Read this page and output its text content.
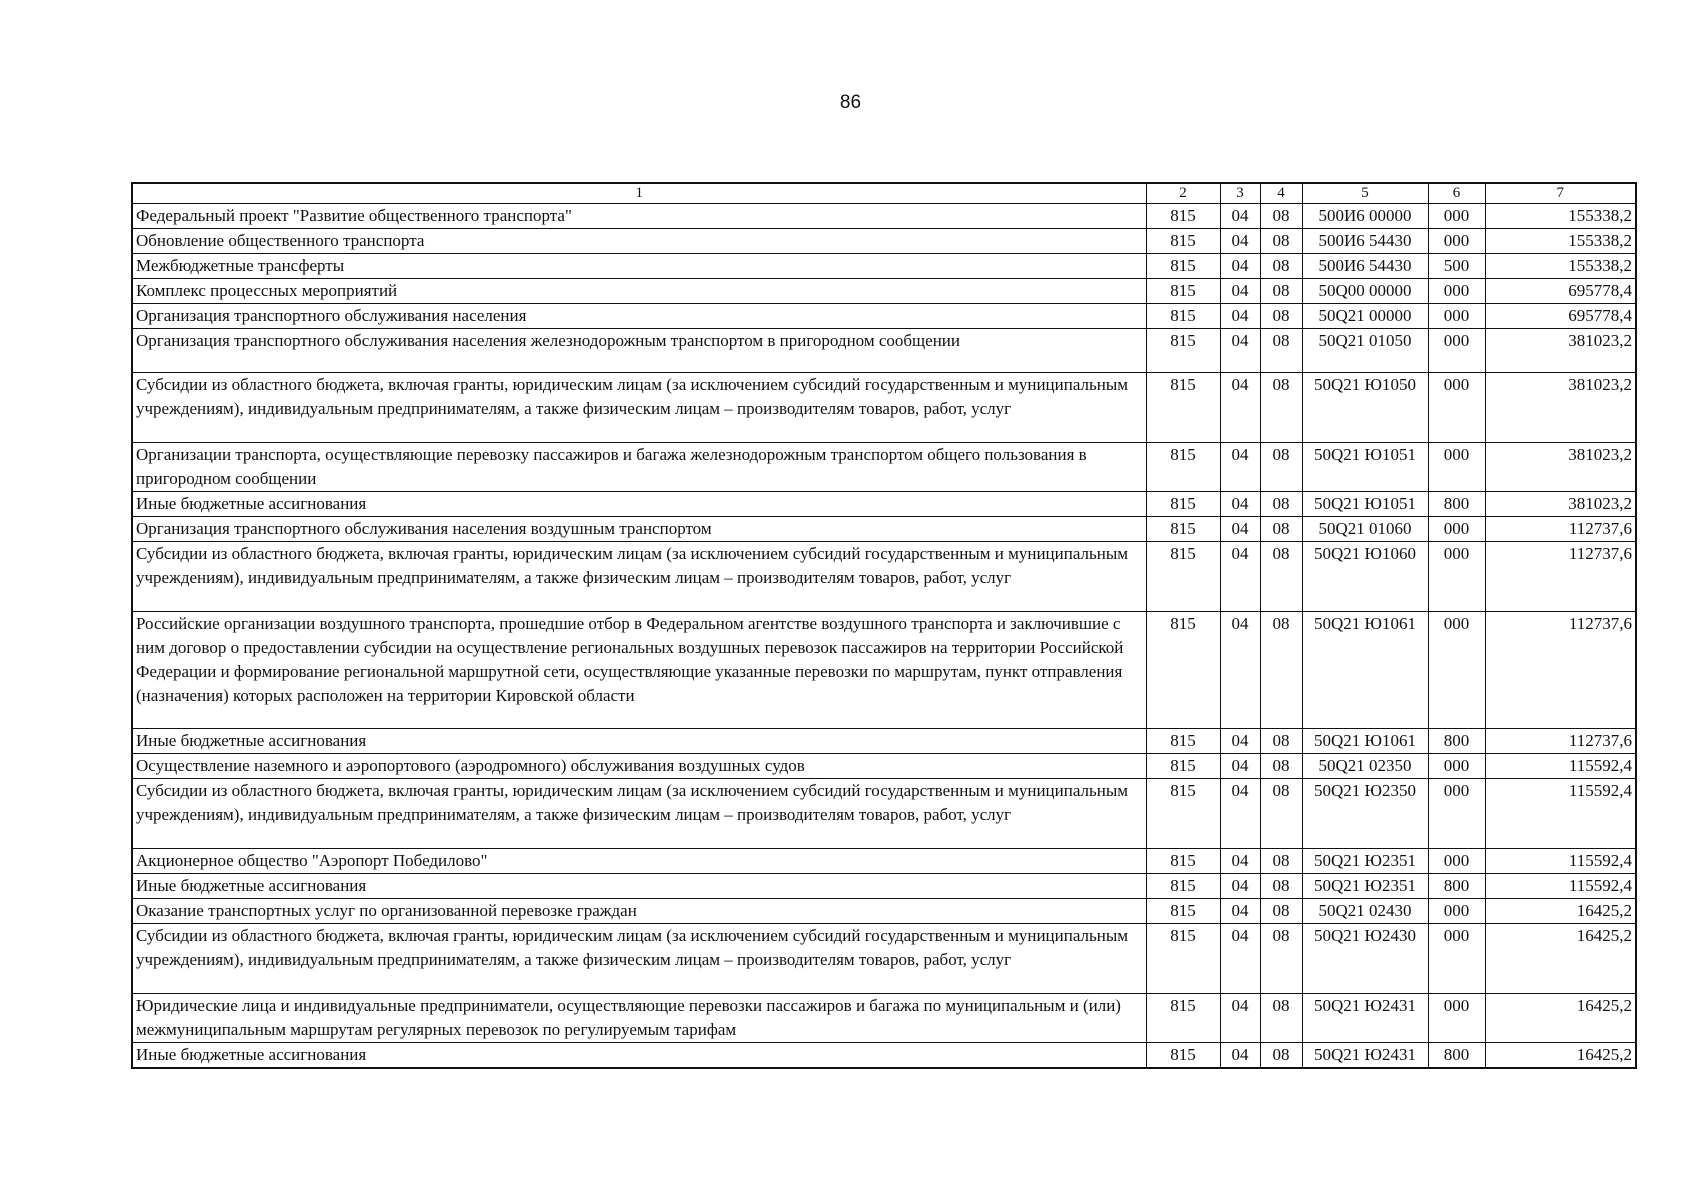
86
1	2	3	4	5	6	7
Федеральный проект "Развитие общественного транспорта"	815	04	08	500И6 00000	000	155338,2
Обновление общественного транспорта	815	04	08	500И6 54430	000	155338,2
Межбюджетные трансферты	815	04	08	500И6 54430	500	155338,2
Комплекс процессных мероприятий	815	04	08	50Q00 00000	000	695778,4
Организация транспортного обслуживания населения	815	04	08	50Q21 00000	000	695778,4
Организация транспортного обслуживания населения железнодорожным транспортом в пригородном сообщении	815	04	08	50Q21 01050	000	381023,2
Субсидии из областного бюджета, включая гранты, юридическим лицам (за исключением субсидий государственным и муниципальным учреждениям), индивидуальным предпринимателям, а также физическим лицам – производителям товаров, работ, услуг	815	04	08	50Q21 Ю1050	000	381023,2
Организации транспорта, осуществляющие перевозку пассажиров и багажа железнодорожным транспортом общего пользования в пригородном сообщении	815	04	08	50Q21 Ю1051	000	381023,2
Иные бюджетные ассигнования	815	04	08	50Q21 Ю1051	800	381023,2
Организация транспортного обслуживания населения воздушным транспортом	815	04	08	50Q21 01060	000	112737,6
Субсидии из областного бюджета, включая гранты, юридическим лицам (за исключением субсидий государственным и муниципальным учреждениям), индивидуальным предпринимателям, а также физическим лицам – производителям товаров, работ, услуг	815	04	08	50Q21 Ю1060	000	112737,6
Российские организации воздушного транспорта, прошедшие отбор в Федеральном агентстве воздушного транспорта и заключившие с ним договор о предоставлении субсидии на осуществление региональных воздушных перевозок пассажиров на территории Российской Федерации и формирование региональной маршрутной сети, осуществляющие указанные перевозки по маршрутам, пункт отправления (назначения) которых расположен на территории Кировской области	815	04	08	50Q21 Ю1061	000	112737,6
Иные бюджетные ассигнования	815	04	08	50Q21 Ю1061	800	112737,6
Осуществление наземного и аэропортового (аэродромного) обслуживания воздушных судов	815	04	08	50Q21 02350	000	115592,4
Субсидии из областного бюджета, включая гранты, юридическим лицам (за исключением субсидий государственным и муниципальным учреждениям), индивидуальным предпринимателям, а также физическим лицам – производителям товаров, работ, услуг	815	04	08	50Q21 Ю2350	000	115592,4
Акционерное общество "Аэропорт Победилово"	815	04	08	50Q21 Ю2351	000	115592,4
Иные бюджетные ассигнования	815	04	08	50Q21 Ю2351	800	115592,4
Оказание транспортных услуг по организованной перевозке граждан	815	04	08	50Q21 02430	000	16425,2
Субсидии из областного бюджета, включая гранты, юридическим лицам (за исключением субсидий государственным и муниципальным учреждениям), индивидуальным предпринимателям, а также физическим лицам – производителям товаров, работ, услуг	815	04	08	50Q21 Ю2430	000	16425,2
Юридические лица и индивидуальные предприниматели, осуществляющие перевозки пассажиров и багажа по муниципальным и (или) межмуниципальным маршрутам регулярных перевозок по регулируемым тарифам	815	04	08	50Q21 Ю2431	000	16425,2
Иные бюджетные ассигнования	815	04	08	50Q21 Ю2431	800	16425,2
